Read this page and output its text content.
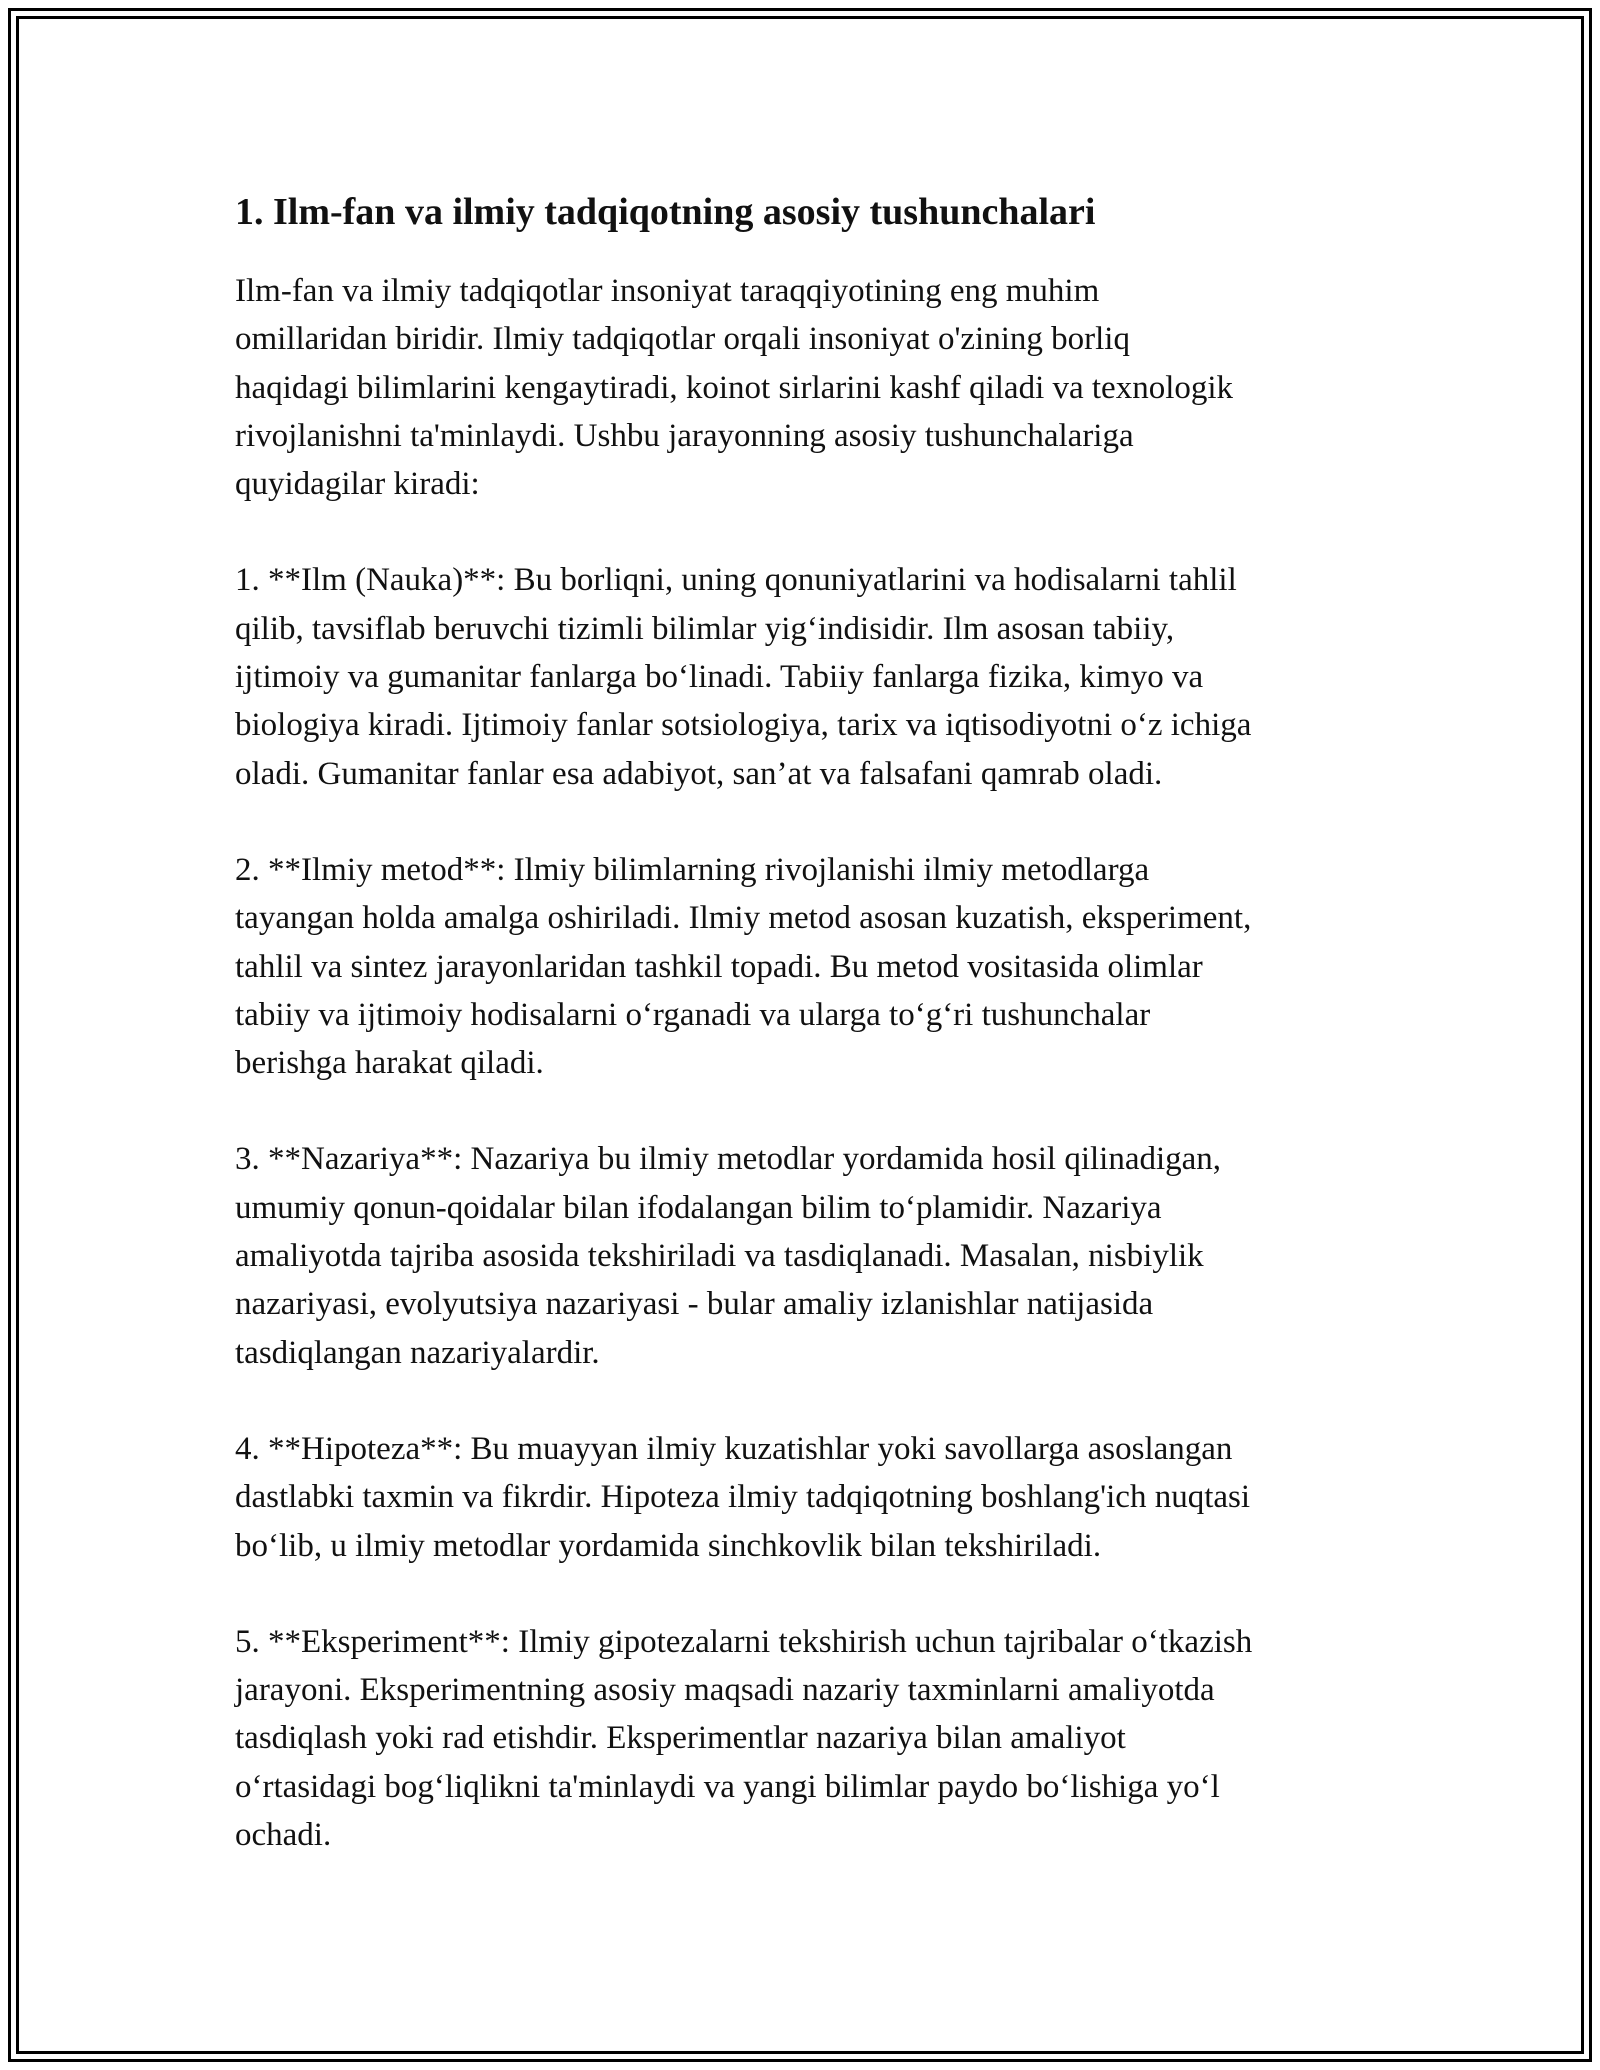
1. Ilm-fan va ilmiy tadqiqotning asosiy tushunchalari

Ilm-fan va ilmiy tadqiqotlar insoniyat taraqqiyotining eng muhim
omillaridan biridir. Ilmiy tadqiqotlar orqali insoniyat o'zining borliq
haqidagi bilimlarini kengaytiradi, koinot sirlarini kashf qiladi va texnologik
rivojlanishni ta'minlaydi. Ushbu jarayonning asosiy tushunchalariga
quyidagilar kiradi:

1. **Ilm (Nauka)**: Bu borliqni, uning qonuniyatlarini va hodisalarni tahlil
qilib, tavsiflab beruvchi tizimli bilimlar yig‘indisidir. Ilm asosan tabiiy,
ijtimoiy va gumanitar fanlarga bo‘linadi. Tabiiy fanlarga fizika, kimyo va
biologiya kiradi. Ijtimoiy fanlar sotsiologiya, tarix va iqtisodiyotni o‘z ichiga
oladi. Gumanitar fanlar esa adabiyot, san’at va falsafani qamrab oladi.

2. **Ilmiy metod**: Ilmiy bilimlarning rivojlanishi ilmiy metodlarga
tayangan holda amalga oshiriladi. Ilmiy metod asosan kuzatish, eksperiment,
tahlil va sintez jarayonlaridan tashkil topadi. Bu metod vositasida olimlar
tabiiy va ijtimoiy hodisalarni o‘rganadi va ularga to‘g‘ri tushunchalar
berishga harakat qiladi.

3. **Nazariya**: Nazariya bu ilmiy metodlar yordamida hosil qilinadigan,
umumiy qonun-qoidalar bilan ifodalangan bilim to‘plamidir. Nazariya
amaliyotda tajriba asosida tekshiriladi va tasdiqlanadi. Masalan, nisbiylik
nazariyasi, evolyutsiya nazariyasi - bular amaliy izlanishlar natijasida
tasdiqlangan nazariyalardir.

4. **Hipoteza**: Bu muayyan ilmiy kuzatishlar yoki savollarga asoslangan
dastlabki taxmin va fikrdir. Hipoteza ilmiy tadqiqotning boshlang'ich nuqtasi
bo‘lib, u ilmiy metodlar yordamida sinchkovlik bilan tekshiriladi.

5. **Eksperiment**: Ilmiy gipotezalarni tekshirish uchun tajribalar o‘tkazish
jarayoni. Eksperimentning asosiy maqsadi nazariy taxminlarni amaliyotda
tasdiqlash yoki rad etishdir. Eksperimentlar nazariya bilan amaliyot
o‘rtasidagi bog‘liqlikni ta'minlaydi va yangi bilimlar paydo bo‘lishiga yo‘l
ochadi.
